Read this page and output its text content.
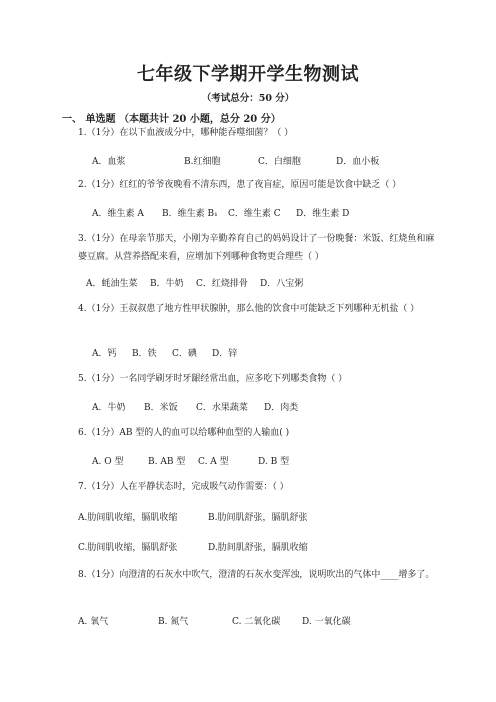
七年级下学期开学生物测试
（考试总分：50 分）
一、 单选题 （本题共计 20 小题，总分 20 分）
1.（1分）在以下血液成分中，哪种能吞噬细菌？（ ）
A．血浆	B.红细胞	C．白细胞	D．血小板
2.（1分）红红的爷爷夜晚看不清东西，患了夜盲症，原因可能是饮食中缺乏（ ）
A．维生素 A B．维生素 B₁ C．维生素 C D．维生素 D
3.（1分）在母亲节那天，小刚为辛勤养育自己的妈妈设计了一份晚餐：米饭、红烧鱼和麻婆豆腐。从营养搭配来看，应增加下列哪种食物更合理些（ ）
A．蚝油生菜 B．牛奶 C．红烧排骨 D．八宝粥
4.（1分）王叔叔患了地方性甲状腺肿，那么他的饮食中可能缺乏下列哪种无机盐（ ）
A．钙 B．铁 C．碘 D．锌
5.（1分）一名同学刷牙时牙龈经常出血，应多吃下列哪类食物（ ）
A．牛奶 B．米饭 C．水果蔬菜 D．肉类
6.（1分）AB 型的人的血可以给哪种血型的人输血( )
A. O 型	B. AB 型 C. A 型	D. B 型
7.（1分）人在平静状态时，完成吸气动作需要：（ ）
A.肋间肌收缩，膈肌收缩	B.肋间肌舒张，膈肌舒张
C.肋间肌收缩，膈肌舒张	D.肋间肌舒张，膈肌收缩
8.（1分）向澄清的石灰水中吹气，澄清的石灰水变浑浊，说明吹出的气体中____增多了。
A. 氧气	B. 氮气	C. 二氧化碳 D. 一氧化碳
